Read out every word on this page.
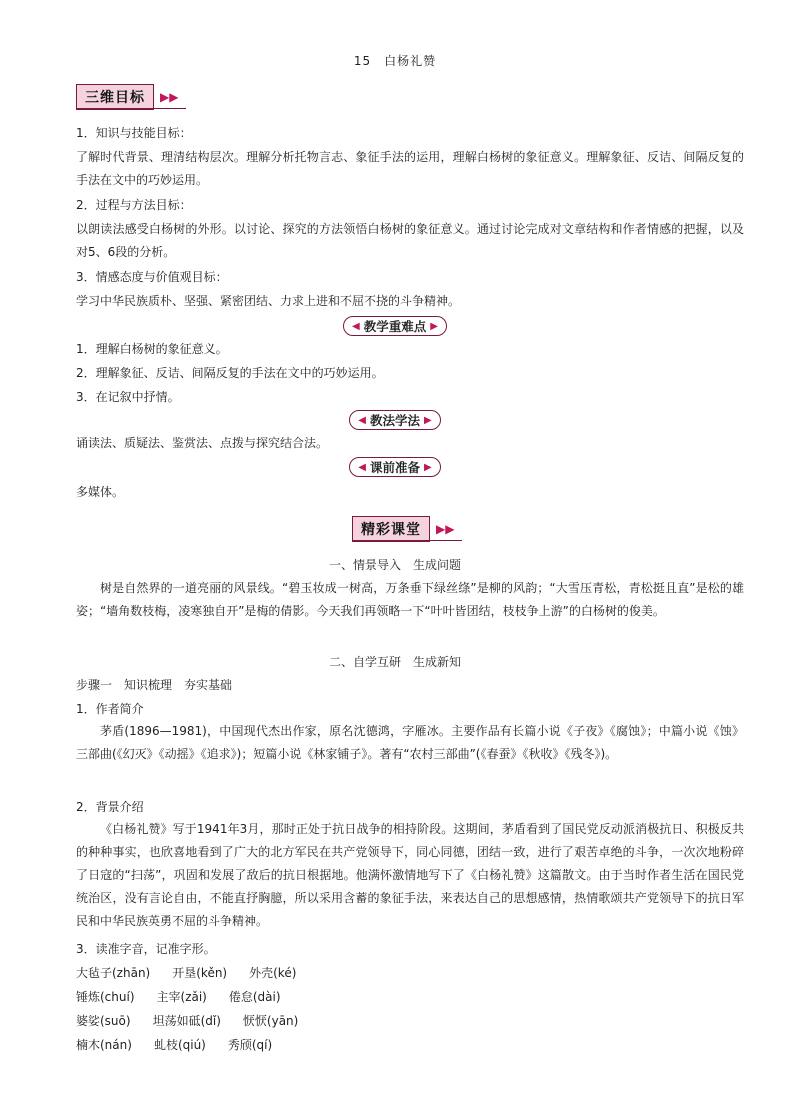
15　白杨礼赞
三维目标	▶▶
1．知识与技能目标：
了解时代背景、理清结构层次。理解分析托物言志、象征手法的运用，理解白杨树的象征意义。理解象征、反诘、间隔反复的手法在文中的巧妙运用。
2．过程与方法目标：
以朗读法感受白杨树的外形。以讨论、探究的方法领悟白杨树的象征意义。通过讨论完成对文章结构和作者情感的把握，以及对5、6段的分析。
3．情感态度与价值观目标：
学习中华民族质朴、坚强、紧密团结、力求上进和不屈不挠的斗争精神。
◀ 教学重难点 ▶
1．理解白杨树的象征意义。
2．理解象征、反诘、间隔反复的手法在文中的巧妙运用。
3．在记叙中抒情。
◀ 教法学法 ▶
诵读法、质疑法、鉴赏法、点拨与探究结合法。
◀ 课前准备 ▶
多媒体。
精彩课堂	▶▶
一、情景导入　生成问题
树是自然界的一道亮丽的风景线。“碧玉妆成一树高，万条垂下绿丝绦”是柳的风韵；“大雪压青松，青松挺且直”是松的雄姿；“墙角数枝梅，凌寒独自开”是梅的倩影。今天我们再领略一下“叶叶皆团结，枝枝争上游”的白杨树的俊美。
二、自学互研　生成新知
步骤一　知识梳理　夯实基础
1．作者简介
茅盾(1896—1981)，中国现代杰出作家，原名沈德鸿，字雁冰。主要作品有长篇小说《子夜》《腐蚀》；中篇小说《蚀》三部曲(《幻灭》《动摇》《追求》)；短篇小说《林家铺子》。著有“农村三部曲”(《春蚕》《秋收》《残冬》)。
2．背景介绍
《白杨礼赞》写于1941年3月，那时正处于抗日战争的相持阶段。这期间，茅盾看到了国民党反动派消极抗日、积极反共的种种事实，也欣喜地看到了广大的北方军民在共产党领导下，同心同德，团结一致，进行了艰苦卓绝的斗争，一次次地粉碎了日寇的“扫荡”，巩固和发展了敌后的抗日根据地。他满怀激情地写下了《白杨礼赞》这篇散文。由于当时作者生活在国民党统治区，没有言论自由，不能直抒胸臆，所以采用含蓄的象征手法，来表达自己的思想感情，热情歌颂共产党领导下的抗日军民和中华民族英勇不屈的斗争精神。
3．读准字音，记准字形。
大毡子(zhān) 开垦(kěn) 外壳(ké)
锤炼(chuí) 主宰(zǎi) 倦怠(dài)
婆娑(suō) 坦荡如砥(dǐ) 恹恹(yān)
楠木(nán) 虬枝(qiú) 秀颀(qí)
